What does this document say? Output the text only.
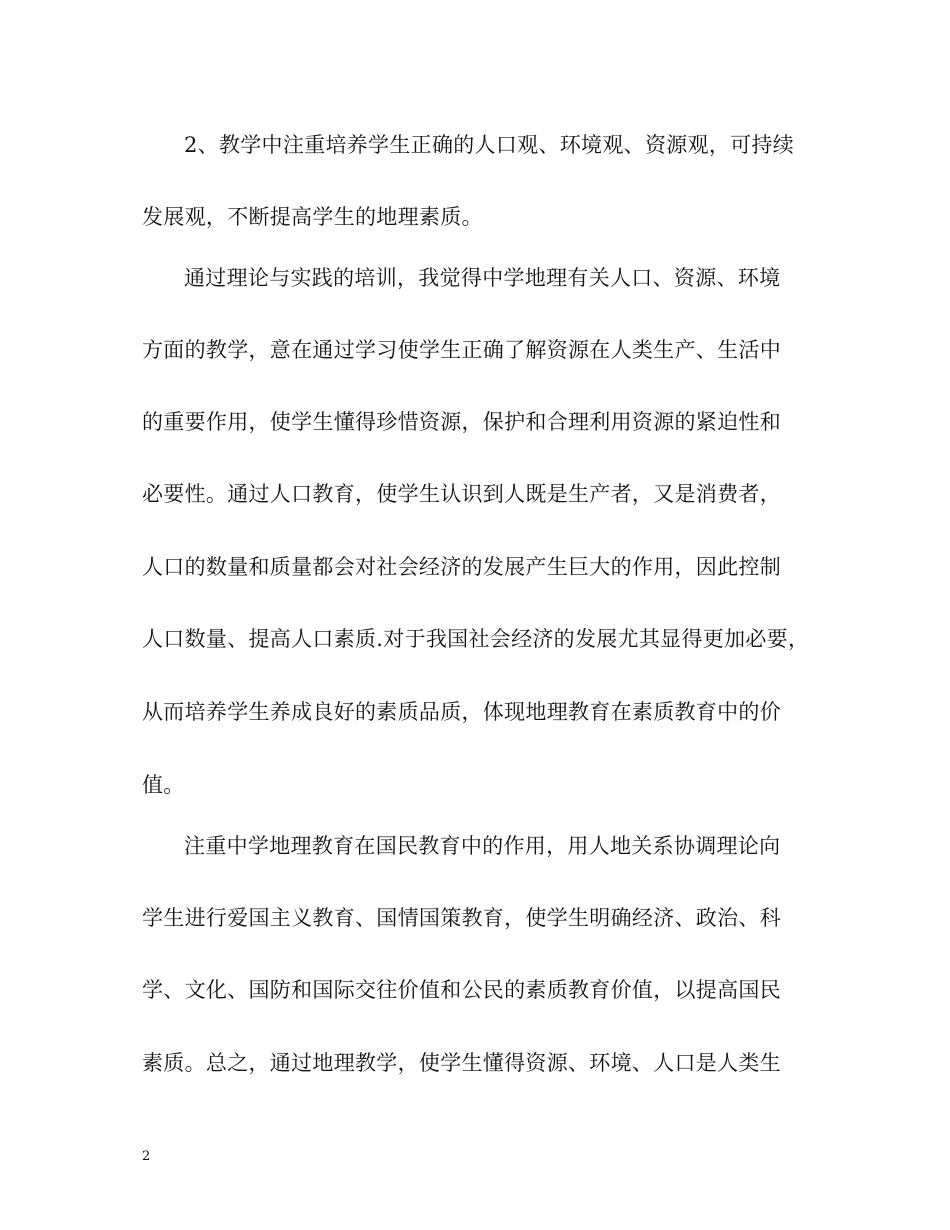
2、教学中注重培养学生正确的人口观、环境观、资源观，可持续
发展观，不断提高学生的地理素质。
通过理论与实践的培训，我觉得中学地理有关人口、资源、环境
方面的教学，意在通过学习使学生正确了解资源在人类生产、生活中
的重要作用，使学生懂得珍惜资源，保护和合理利用资源的紧迫性和
必要性。通过人口教育，使学生认识到人既是生产者，又是消费者，
人口的数量和质量都会对社会经济的发展产生巨大的作用，因此控制
人口数量、提高人口素质.对于我国社会经济的发展尤其显得更加必要，
从而培养学生养成良好的素质品质，体现地理教育在素质教育中的价
值。
注重中学地理教育在国民教育中的作用，用人地关系协调理论向
学生进行爱国主义教育、国情国策教育，使学生明确经济、政治、科
学、文化、国防和国际交往价值和公民的素质教育价值，以提高国民
素质。总之，通过地理教学，使学生懂得资源、环境、人口是人类生
2
